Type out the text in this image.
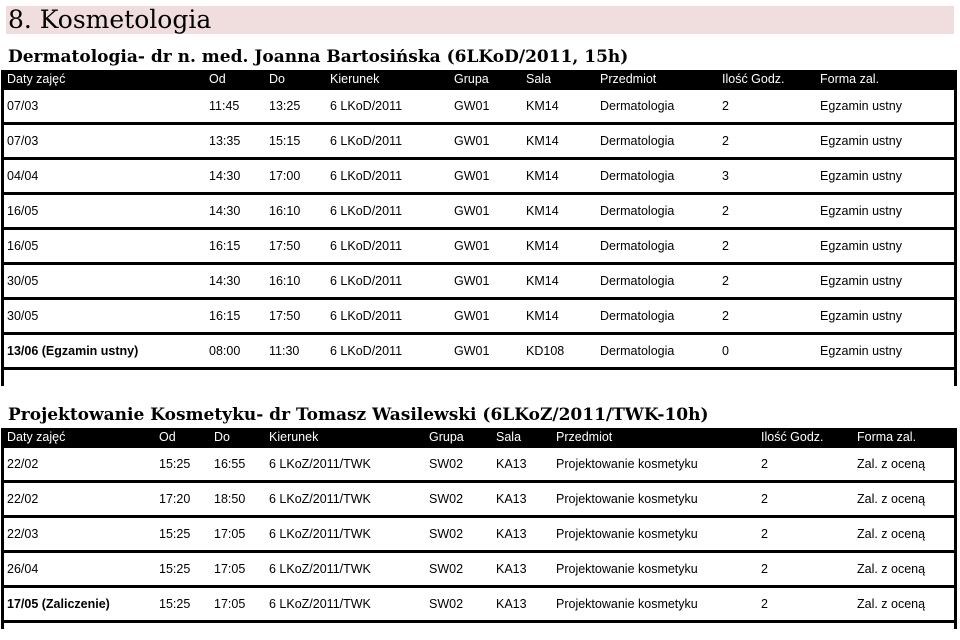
8. Kosmetologia
Dermatologia- dr n. med. Joanna Bartosińska (6LKoD/2011, 15h)
Daty zajęć	Od	Do	Kierunek	Grupa	Sala	Przedmiot	Ilość Godz.	Forma zal.
07/03	11:45	13:25	6 LKoD/2011	GW01	KM14	Dermatologia	2	Egzamin ustny
07/03	13:35	15:15	6 LKoD/2011	GW01	KM14	Dermatologia	2	Egzamin ustny
04/04	14:30	17:00	6 LKoD/2011	GW01	KM14	Dermatologia	3	Egzamin ustny
16/05	14:30	16:10	6 LKoD/2011	GW01	KM14	Dermatologia	2	Egzamin ustny
16/05	16:15	17:50	6 LKoD/2011	GW01	KM14	Dermatologia	2	Egzamin ustny
30/05	14:30	16:10	6 LKoD/2011	GW01	KM14	Dermatologia	2	Egzamin ustny
30/05	16:15	17:50	6 LKoD/2011	GW01	KM14	Dermatologia	2	Egzamin ustny
13/06 (Egzamin ustny)	08:00	11:30	6 LKoD/2011	GW01	KD108	Dermatologia	0	Egzamin ustny
Projektowanie Kosmetyku- dr Tomasz Wasilewski (6LKoZ/2011/TWK-10h)
Daty zajęć	Od	Do	Kierunek	Grupa	Sala	Przedmiot	Ilość Godz.	Forma zal.
22/02	15:25	16:55	6 LKoZ/2011/TWK	SW02	KA13	Projektowanie kosmetyku	2	Zal. z oceną
22/02	17:20	18:50	6 LKoZ/2011/TWK	SW02	KA13	Projektowanie kosmetyku	2	Zal. z oceną
22/03	15:25	17:05	6 LKoZ/2011/TWK	SW02	KA13	Projektowanie kosmetyku	2	Zal. z oceną
26/04	15:25	17:05	6 LKoZ/2011/TWK	SW02	KA13	Projektowanie kosmetyku	2	Zal. z oceną
17/05 (Zaliczenie)	15:25	17:05	6 LKoZ/2011/TWK	SW02	KA13	Projektowanie kosmetyku	2	Zal. z oceną
